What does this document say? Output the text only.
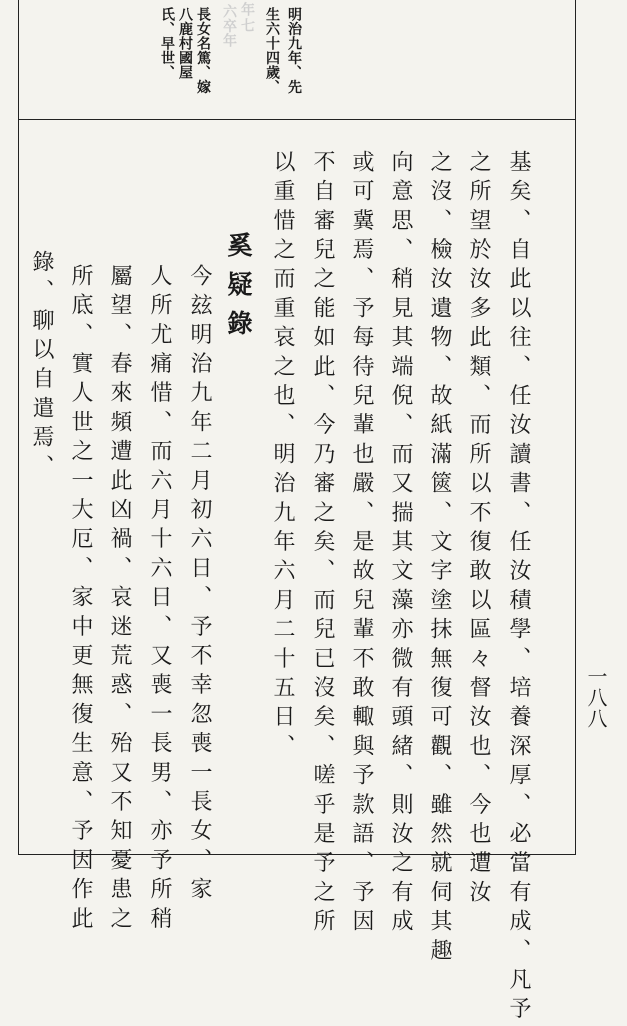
年七
六卒年	明治九年、先
生六十四歲、
長女名篤、嫁
八鹿村國屋
氏、早世、
基矣、自此以往、任汝讀書、任汝積學、培養深厚、必當有成、凡予
之所望於汝多此類、而所以不復敢以區々督汝也、今也遭汝
之沒、檢汝遺物、故紙滿篋、文字塗抹無復可觀、雖然就伺其趣
向意思、稍見其端倪、而又揣其文藻亦微有頭緒、則汝之有成
或可冀焉、予每待兒輩也嚴、是故兒輩不敢輙與予款語、予因
不自審兒之能如此、今乃審之矣、而兒已沒矣、嗟乎是予之所
以重惜之而重哀之也、明治九年六月二十五日、
奚疑錄
今玆明治九年二月初六日、予不幸忽喪一長女、家
人所尤痛惜、而六月十六日、又喪一長男、亦予所稍
屬望、春來頻遭此凶禍、哀迷荒惑、殆又不知憂患之
所底、實人世之一大厄、家中更無復生意、予因作此
錄、聊以自遣焉、
一八八
